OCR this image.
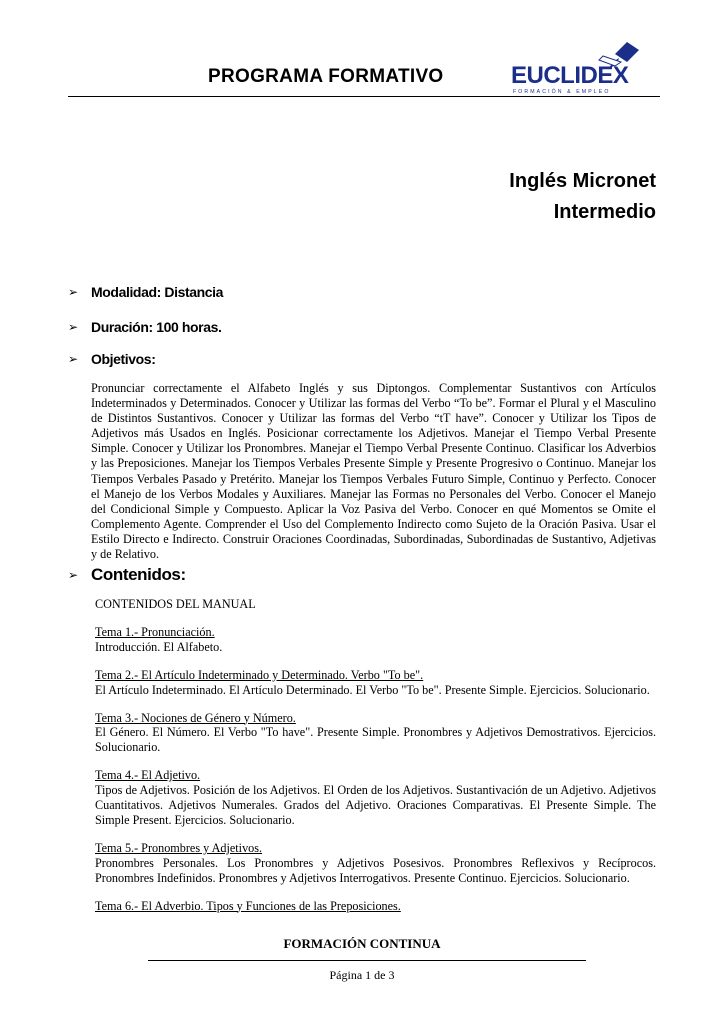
PROGRAMA FORMATIVO	EUCLIDEX
FORMACIÓN & EMPLEO
Inglés Micronet
Intermedio
➢ Modalidad: Distancia
➢ Duración: 100 horas.
➢ Objetivos:
Pronunciar correctamente el Alfabeto Inglés y sus Diptongos. Complementar Sustantivos con Artículos Indeterminados y Determinados. Conocer y Utilizar las formas del Verbo “To be”. Formar el Plural y el Masculino de Distintos Sustantivos. Conocer y Utilizar las formas del Verbo “tT have”. Conocer y Utilizar los Tipos de Adjetivos más Usados en Inglés. Posicionar correctamente los Adjetivos. Manejar el Tiempo Verbal Presente Simple. Conocer y Utilizar los Pronombres. Manejar el Tiempo Verbal Presente Continuo. Clasificar los Adverbios y las Preposiciones. Manejar los Tiempos Verbales Presente Simple y Presente Progresivo o Continuo. Manejar los Tiempos Verbales Pasado y Pretérito. Manejar los Tiempos Verbales Futuro Simple, Continuo y Perfecto. Conocer el Manejo de los Verbos Modales y Auxiliares. Manejar las Formas no Personales del Verbo. Conocer el Manejo del Condicional Simple y Compuesto. Aplicar la Voz Pasiva del Verbo. Conocer en qué Momentos se Omite el Complemento Agente. Comprender el Uso del Complemento Indirecto como Sujeto de la Oración Pasiva. Usar el Estilo Directo e Indirecto. Construir Oraciones Coordinadas, Subordinadas, Subordinadas de Sustantivo, Adjetivas y de Relativo.
➢ Contenidos:

CONTENIDOS DEL MANUAL

Tema 1.- Pronunciación.

Introducción. El Alfabeto.

Tema 2.- El Artículo Indeterminado y Determinado. Verbo "To be".

El Artículo Indeterminado. El Artículo Determinado. El Verbo "To be". Presente Simple. Ejercicios. Solucionario.

Tema 3.- Nociones de Género y Número.

El Género. El Número. El Verbo "To have". Presente Simple. Pronombres y Adjetivos Demostrativos. Ejercicios. Solucionario.

Tema 4.- El Adjetivo.

Tipos de Adjetivos. Posición de los Adjetivos. El Orden de los Adjetivos. Sustantivación de un Adjetivo. Adjetivos Cuantitativos. Adjetivos Numerales. Grados del Adjetivo. Oraciones Comparativas. El Presente Simple. The Simple Present. Ejercicios. Solucionario.

Tema 5.- Pronombres y Adjetivos.

Pronombres Personales. Los Pronombres y Adjetivos Posesivos. Pronombres Reflexivos y Recíprocos. Pronombres Indefinidos. Pronombres y Adjetivos Interrogativos. Presente Continuo. Ejercicios. Solucionario.

Tema 6.- El Adverbio. Tipos y Funciones de las Preposiciones.

FORMACIÓN CONTINUA
Página 1 de 3
